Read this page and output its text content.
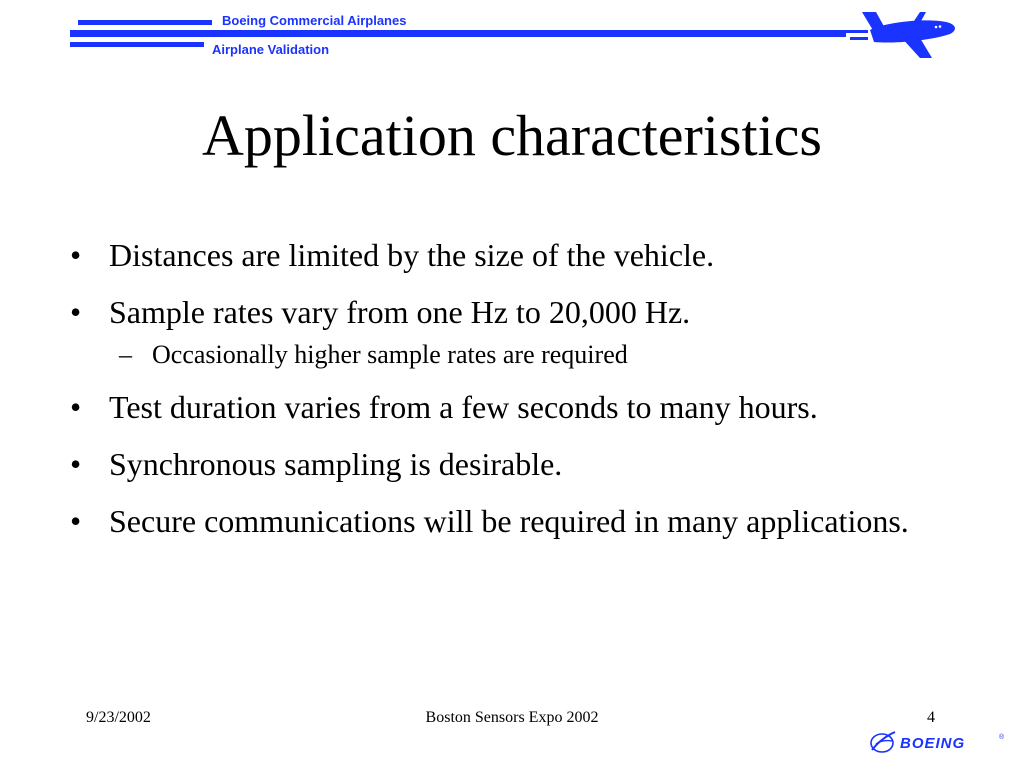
Boeing Commercial Airplanes
Airplane Validation
Application characteristics
• Distances are limited by the size of the vehicle.
• Sample rates vary from one Hz to 20,000 Hz.
– Occasionally higher sample rates are required
• Test duration varies from a few seconds to many hours.
• Synchronous sampling is desirable.
• Secure communications will be required in many applications.
9/23/2002	Boston Sensors Expo 2002	4
BOEING	®
